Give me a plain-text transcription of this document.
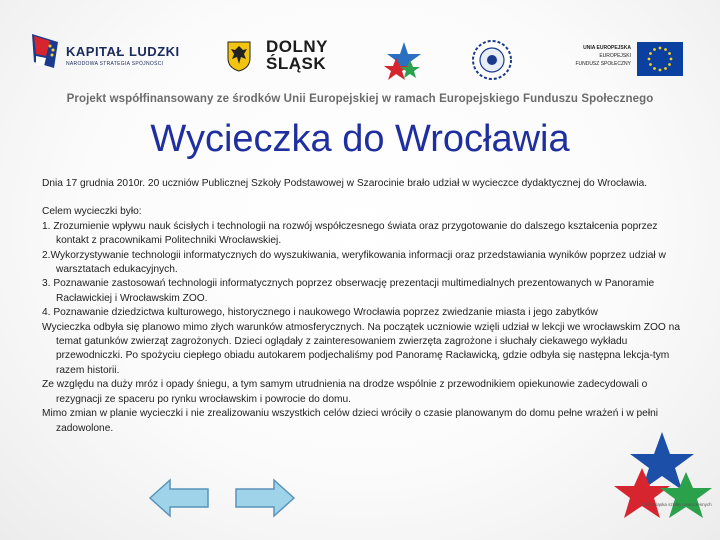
KAPITAŁ LUDZKI
NARODOWA STRATEGIA SPÓJNOŚCI
DOLNY
ŚLĄSK
UNIA EUROPEJSKA
EUROPEJSKI
FUNDUSZ SPOŁECZNY
Projekt współfinansowany ze środków Unii Europejskiej w ramach Europejskiego Funduszu Społecznego
Wycieczka do Wrocławia

Dnia 17 grudnia 2010r. 20 uczniów Publicznej Szkoły Podstawowej w Szarocinie brało udział w wycieczce dydaktycznej do Wrocławia.

Celem wycieczki było:

1. Zrozumienie wpływu nauk ścisłych i technologii na rozwój współczesnego świata oraz przygotowanie do dalszego kształcenia poprzez kontakt z pracownikami Politechniki Wrocławskiej.

2.Wykorzystywanie technologii informatycznych do wyszukiwania, weryfikowania informacji oraz przedstawiania wyników poprzez udział w warsztatach edukacyjnych.

3. Poznawanie zastosowań technologii informatycznych poprzez obserwację prezentacji multimedialnych prezentowanych w Panoramie Racławickiej i Wrocławskim ZOO.

4. Poznawanie dziedzictwa kulturowego, historycznego i naukowego Wrocławia poprzez zwiedzanie miasta i jego zabytków

Wycieczka odbyła się planowo mimo złych warunków atmosferycznych. Na początek uczniowie wzięli udział w lekcji we wrocławskim ZOO na temat gatunków zwierząt zagrożonych. Dzieci oglądały z zainteresowaniem zwierzęta zagrożone i słuchały ciekawego wykładu przewodniczki. Po spożyciu ciepłego obiadu autokarem podjechaliśmy pod Panoramę Racławicką, gdzie odbyła się następna lekcja-tym razem historii.

Ze względu na duży mróz i opady śniegu, a tym samym utrudnienia na drodze wspólnie z przewodnikiem opiekunowie zadecydowali o rezygnacji ze spaceru po rynku wrocławskim i powrocie do domu.

Mimo zmian w planie wycieczki i nie zrealizowaniu wszystkich celów dzieci wróciły o czasie planowanym do domu pełne wrażeń i w pełni zadowolone.

Dolnośląska szkoła nowoczesnych
